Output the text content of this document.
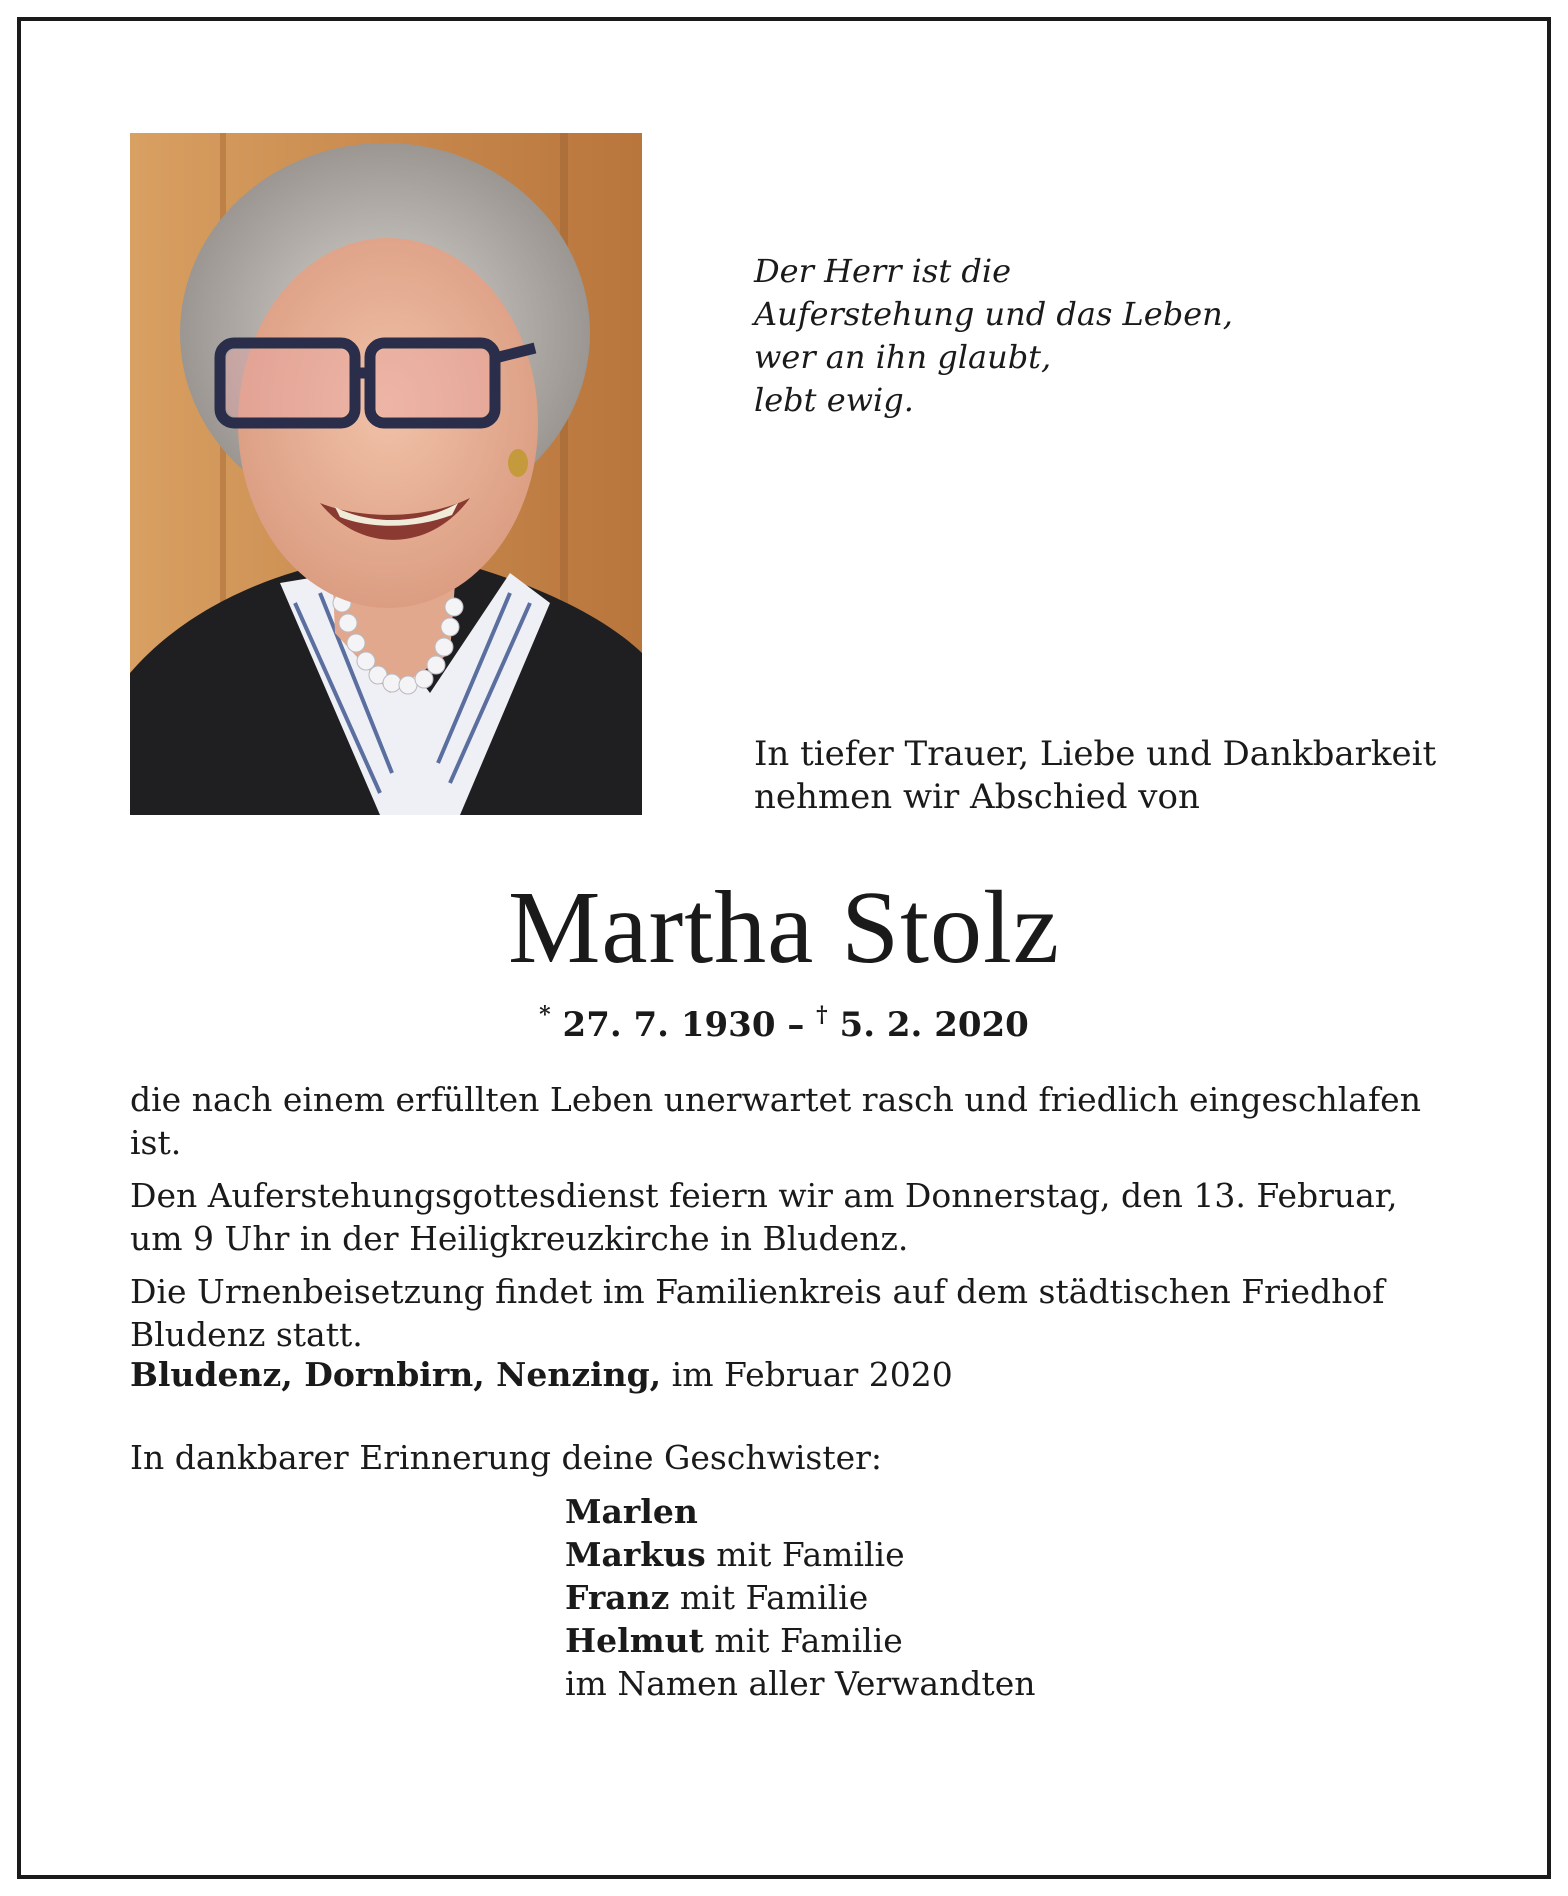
Der Herr ist die
Auferstehung und das Leben,
wer an ihn glaubt,
lebt ewig.
In tiefer Trauer, Liebe und Dankbarkeit
nehmen wir Abschied von
Martha Stolz
* 27. 7. 1930 – † 5. 2. 2020

die nach einem erfüllten Leben unerwartet rasch und friedlich eingeschlafen ist.

Den Auferstehungsgottesdienst feiern wir am Donnerstag, den 13. Februar,
um 9 Uhr in der Heiligkreuzkirche in Bludenz.

Die Urnenbeisetzung findet im Familienkreis auf dem städtischen Friedhof
Bludenz statt.

Bludenz, Dornbirn, Nenzing, im Februar 2020
In dankbarer Erinnerung deine Geschwister:
Marlen
Markus mit Familie
Franz mit Familie
Helmut mit Familie
im Namen aller Verwandten
